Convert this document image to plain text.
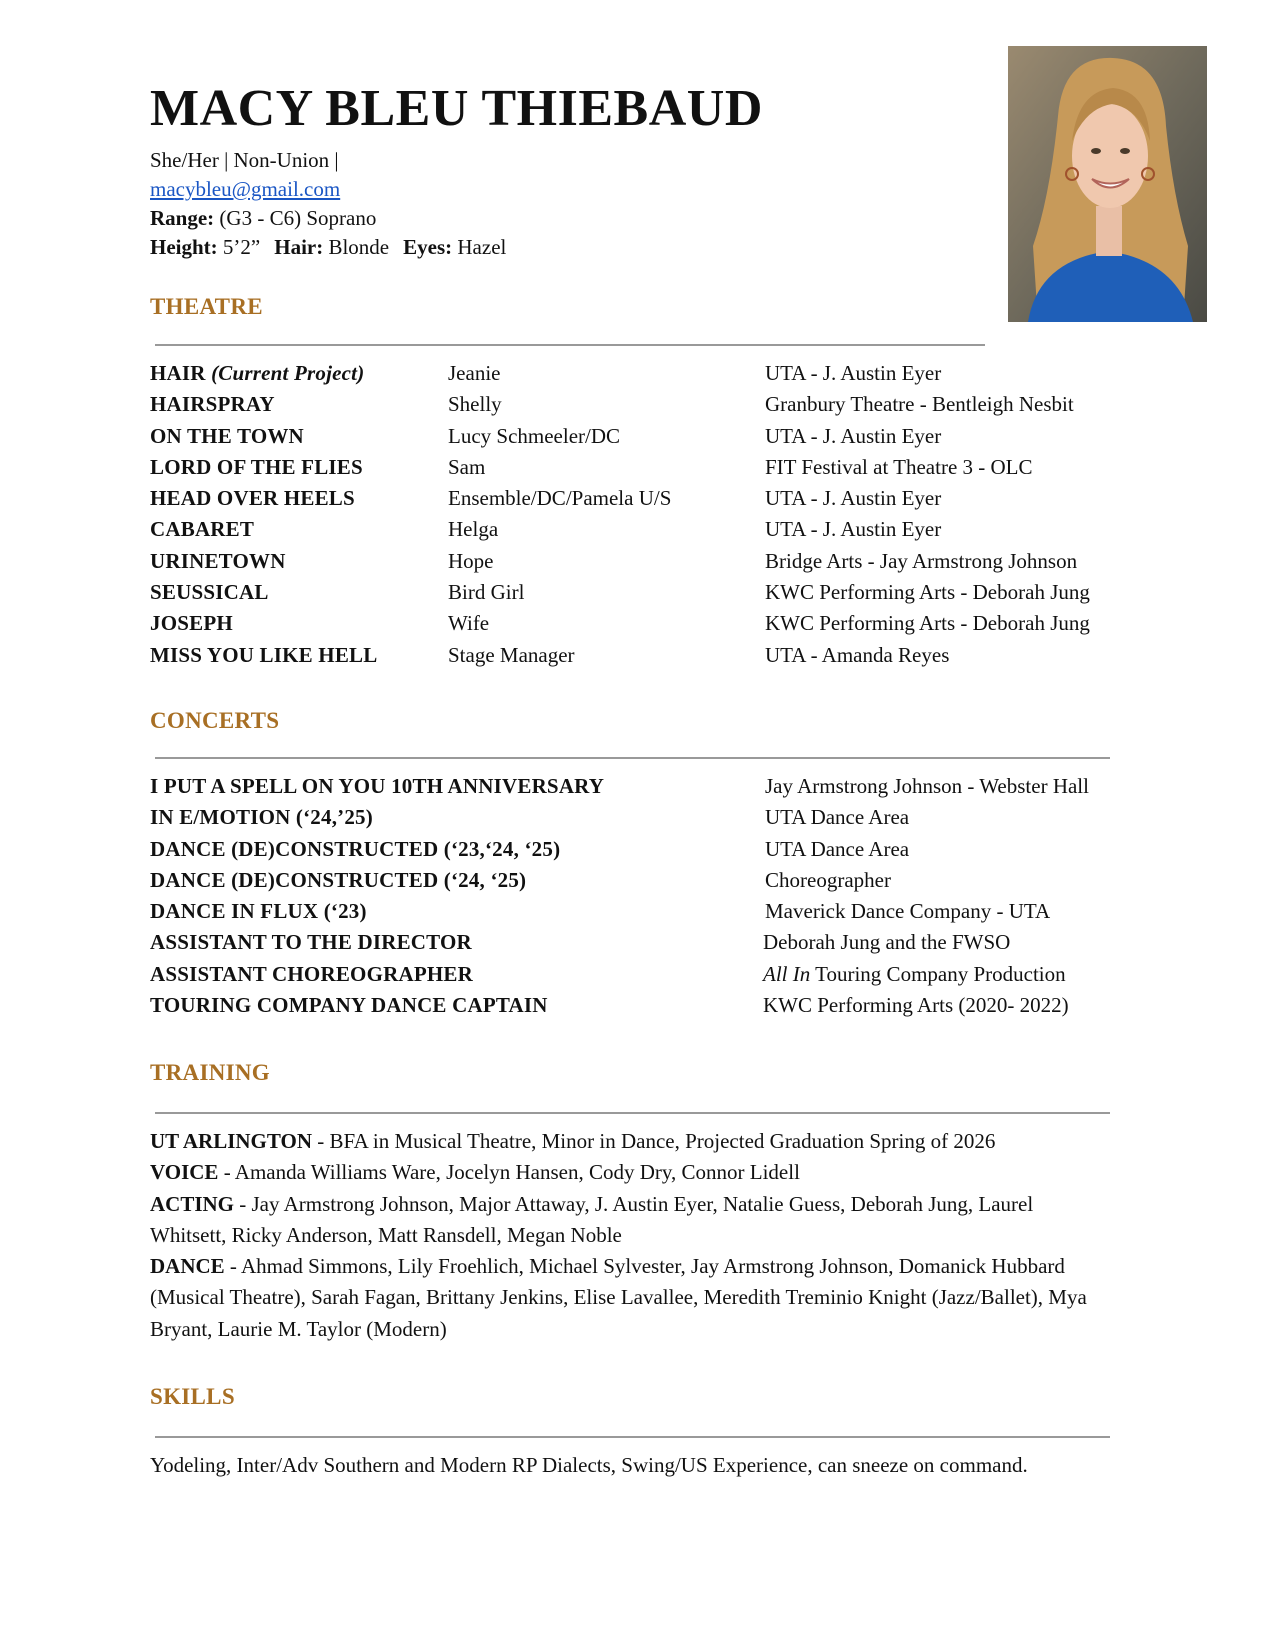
MACY BLEU THIEBAUD
She/Her | Non-Union |
macybleu@gmail.com
Range: (G3 - C6) Soprano
Height: 5’2” Hair: Blonde Eyes: Hazel
THEATRE
HAIR (Current Project)	Jeanie	UTA - J. Austin Eyer
HAIRSPRAY	Shelly	Granbury Theatre - Bentleigh Nesbit
ON THE TOWN	Lucy Schmeeler/DC	UTA - J. Austin Eyer
LORD OF THE FLIES	Sam	FIT Festival at Theatre 3 - OLC
HEAD OVER HEELS	Ensemble/DC/Pamela U/S	UTA - J. Austin Eyer
CABARET	Helga	UTA - J. Austin Eyer
URINETOWN	Hope	Bridge Arts - Jay Armstrong Johnson
SEUSSICAL	Bird Girl	KWC Performing Arts - Deborah Jung
JOSEPH	Wife	KWC Performing Arts - Deborah Jung
MISS YOU LIKE HELL	Stage Manager	UTA - Amanda Reyes
CONCERTS
I PUT A SPELL ON YOU 10TH ANNIVERSARY	Jay Armstrong Johnson - Webster Hall
IN E/MOTION (‘24,’25)	UTA Dance Area
DANCE (DE)CONSTRUCTED (‘23,‘24, ‘25)	UTA Dance Area
DANCE (DE)CONSTRUCTED (‘24, ‘25)	Choreographer
DANCE IN FLUX (‘23)	Maverick Dance Company - UTA
ASSISTANT TO THE DIRECTOR	Deborah Jung and the FWSO
ASSISTANT CHOREOGRAPHER	All In Touring Company Production
TOURING COMPANY DANCE CAPTAIN	KWC Performing Arts (2020- 2022)
TRAINING

UT ARLINGTON - BFA in Musical Theatre, Minor in Dance, Projected Graduation Spring of 2026

VOICE - Amanda Williams Ware, Jocelyn Hansen, Cody Dry, Connor Lidell

ACTING - Jay Armstrong Johnson, Major Attaway, J. Austin Eyer, Natalie Guess, Deborah Jung, Laurel Whitsett, Ricky Anderson, Matt Ransdell, Megan Noble

DANCE - Ahmad Simmons, Lily Froehlich, Michael Sylvester, Jay Armstrong Johnson, Domanick Hubbard (Musical Theatre), Sarah Fagan, Brittany Jenkins, Elise Lavallee, Meredith Treminio Knight (Jazz/Ballet), Mya Bryant, Laurie M. Taylor (Modern)

SKILLS
Yodeling, Inter/Adv Southern and Modern RP Dialects, Swing/US Experience, can sneeze on command.
